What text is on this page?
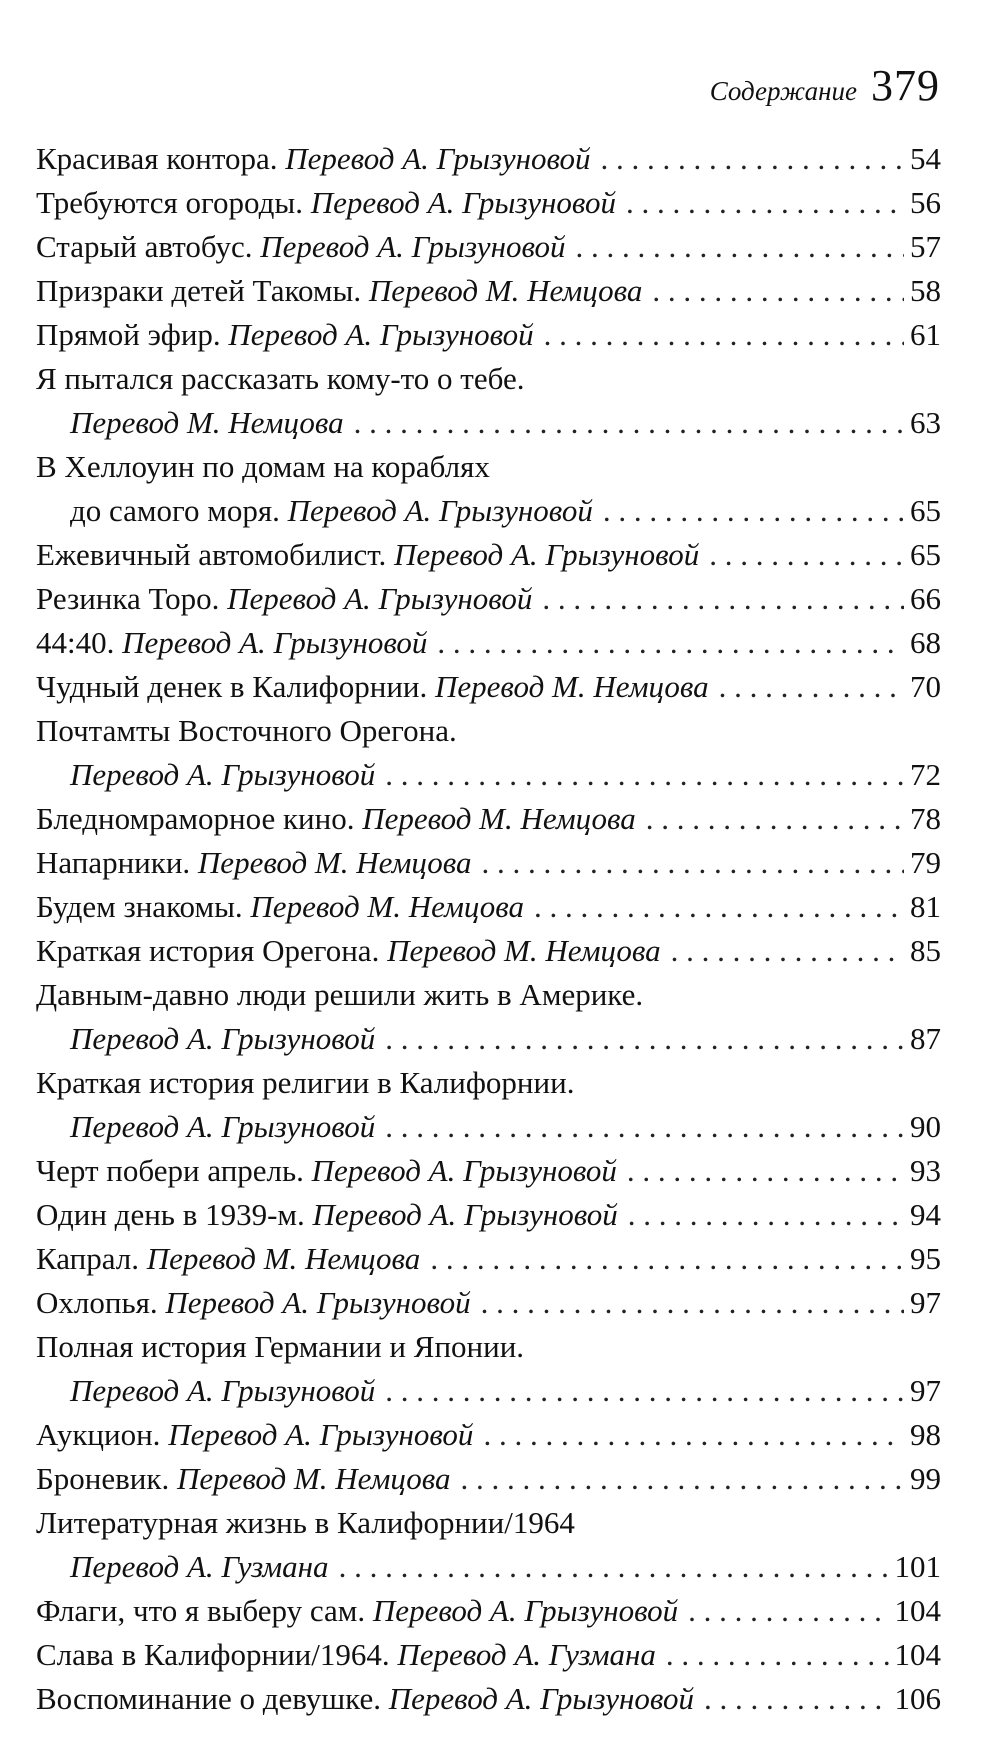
Содержание 379
Красивая контора.
Перевод А. Грызуновой . . .	54
Требуются огороды.
Перевод А. Грызуновой . . .	56
Старый автобус.
Перевод А. Грызуновой . . .	57
Призраки детей Такомы.
Перевод М. Немцова . . .	58
Прямой эфир.
Перевод А. Грызуновой . . .	61
Я пытался рассказать кому-то о тебе.
Перевод М. Немцова . . .	63
В Хеллоуин по домам на кораблях
до самого моря.
Перевод А. Грызуновой . . .	65
Ежевичный автомобилист.
Перевод А. Грызуновой . . .	65
Резинка Торо.
Перевод А. Грызуновой . . .	66
44:40.
Перевод А. Грызуновой . . .	68
Чудный денек в Калифорнии.
Перевод М. Немцова . . .	70
Почтамты Восточного Орегона.
Перевод А. Грызуновой . . .	72
Бледномраморное кино.
Перевод М. Немцова . . .	78
Напарники.
Перевод М. Немцова . . .	79
Будем знакомы.
Перевод М. Немцова . . .	81
Краткая история Орегона.
Перевод М. Немцова . . .	85
Давным-давно люди решили жить в Америке.
Перевод А. Грызуновой . . .	87
Краткая история религии в Калифорнии.
Перевод А. Грызуновой . . .	90
Черт побери апрель.
Перевод А. Грызуновой . . .	93
Один день в 1939-м.
Перевод А. Грызуновой . . .	94
Капрал.
Перевод М. Немцова . . .	95
Охлопья.
Перевод А. Грызуновой . . .	97
Полная история Германии и Японии.
Перевод А. Грызуновой . . .	97
Аукцион.
Перевод А. Грызуновой . . .	98
Броневик.
Перевод М. Немцова . . .	99
Литературная жизнь в Калифорнии/1964
Перевод А. Гузмана . . .	101
Флаги, что я выберу сам.
Перевод А. Грызуновой . . .	104
Слава в Калифорнии/1964.
Перевод А. Гузмана . . .	104
Воспоминание о девушке.
Перевод А. Грызуновой . . .	106
